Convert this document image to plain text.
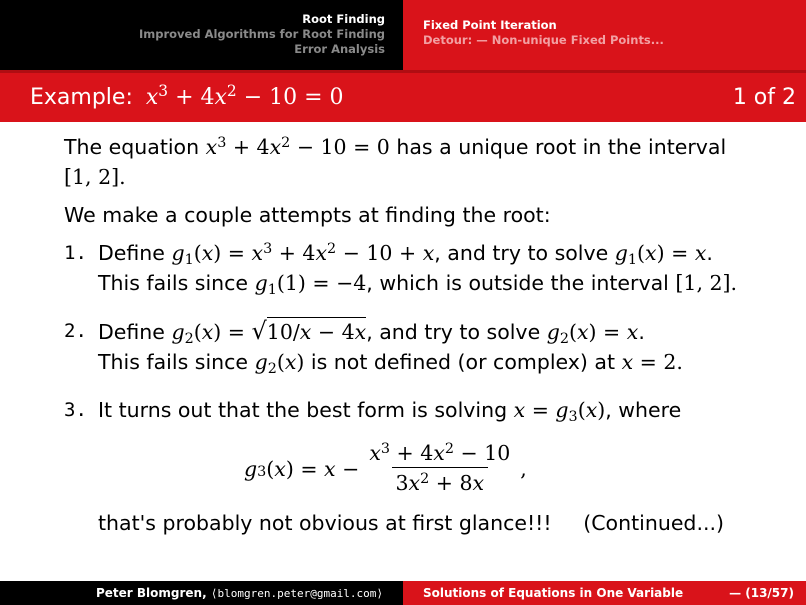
Root Finding
Improved Algorithms for Root Finding
Error Analysis
Fixed Point Iteration
Detour: — Non-unique Fixed Points...
Example: $x^3 + 4x^2 - 10 = 0$	1 of 2
The equation $x^3 + 4x^2 - 10 = 0$ has a unique root in the interval
[1, 2].
We make a couple attempts at finding the root:
1. Define $g_1(x) = x^3 + 4x^2 - 10 + x$, and try to solve $g_1(x) = x$.
This fails since $g_1(1) = -4$, which is outside the interval [1, 2].
2. Define $g_2(x) = √10/x - 4x$, and try to solve $g_2(x) = x$.
This fails since $g_2(x)$ is not defined (or complex) at x = 2.
3. It turns out that the best form is solving $x = g_3(x)$, where
$g_3$ ( x ) = $x - \frac{x^3 + 4x^2 - 10}{3x^2 + 8x}$ ,
that's probably not obvious at first glance!!! (Continued...)
Peter Blomgren, ⟨blomgren.peter@gmail.com⟩	Solutions of Equations in One Variable	— (13/57)
